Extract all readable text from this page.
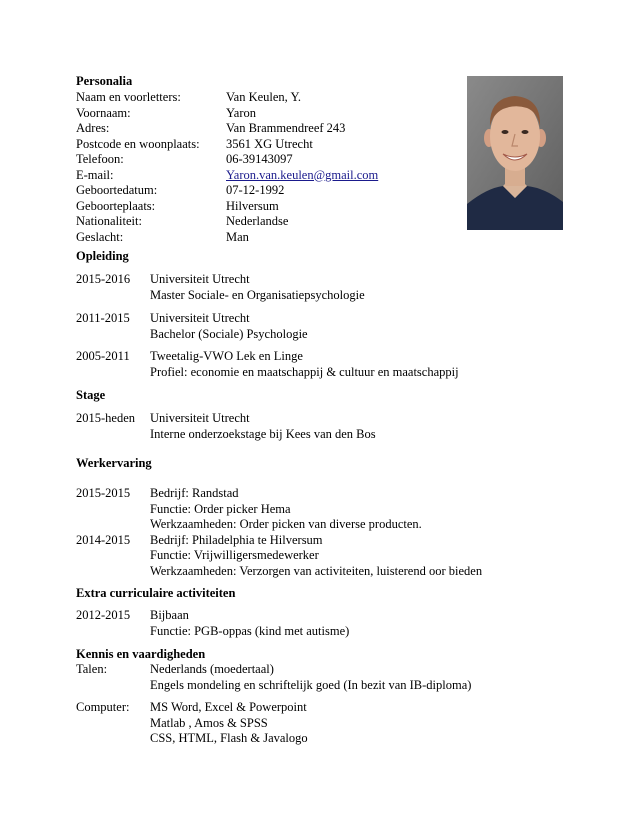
Personalia
Naam en voorletters:	Van Keulen, Y.
Voornaam:	Yaron
Adres:	Van Brammendreef 243
Postcode en woonplaats: 3561 XG Utrecht
Telefoon:	06-39143097
E-mail:	Yaron.van.keulen@gmail.com
Geboortedatum:	07-12-1992
Geboorteplaats:	Hilversum
Nationaliteit:	Nederlandse
Geslacht:	Man
Opleiding
2015-2016 Universiteit Utrecht
Master Sociale- en Organisatiepsychologie
2011-2015 Universiteit Utrecht
Bachelor (Sociale) Psychologie
2005-2011 Tweetalig-VWO Lek en Linge
Profiel: economie en maatschappij & cultuur en maatschappij
Stage
2015-heden Universiteit Utrecht
Interne onderzoekstage bij Kees van den Bos
Werkervaring
2015-2015 Bedrijf: Randstad
Functie: Order picker Hema
Werkzaamheden: Order picken van diverse producten.
2014-2015 Bedrijf: Philadelphia te Hilversum
Functie: Vrijwilligersmedewerker
Werkzaamheden: Verzorgen van activiteiten, luisterend oor bieden
Extra curriculaire activiteiten
2012-2015 Bijbaan
Functie: PGB-oppas (kind met autisme)
Kennis en vaardigheden
Talen:	Nederlands (moedertaal)
Engels mondeling en schriftelijk goed (In bezit van IB-diploma)
Computer: MS Word, Excel & Powerpoint
Matlab , Amos & SPSS
CSS, HTML, Flash & Javalogo
